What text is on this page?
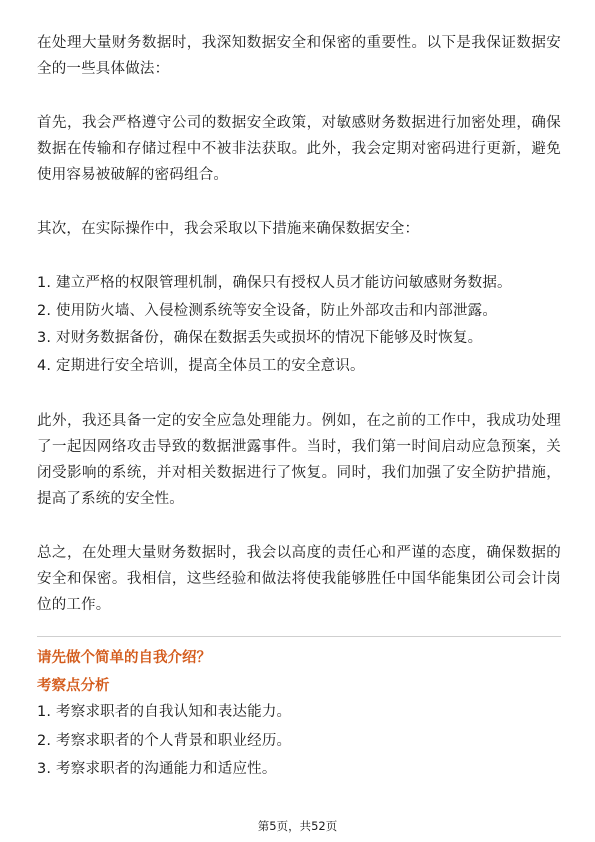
在处理大量财务数据时，我深知数据安全和保密的重要性。以下是我保证数据安全的一些具体做法：

首先，我会严格遵守公司的数据安全政策，对敏感财务数据进行加密处理，确保数据在传输和存储过程中不被非法获取。此外，我会定期对密码进行更新，避免使用容易被破解的密码组合。

其次，在实际操作中，我会采取以下措施来确保数据安全：

1. 建立严格的权限管理机制，确保只有授权人员才能访问敏感财务数据。

2. 使用防火墙、入侵检测系统等安全设备，防止外部攻击和内部泄露。

3. 对财务数据备份，确保在数据丢失或损坏的情况下能够及时恢复。

4. 定期进行安全培训，提高全体员工的安全意识。

此外，我还具备一定的安全应急处理能力。例如，在之前的工作中，我成功处理了一起因网络攻击导致的数据泄露事件。当时，我们第一时间启动应急预案，关闭受影响的系统，并对相关数据进行了恢复。同时，我们加强了安全防护措施，提高了系统的安全性。

总之，在处理大量财务数据时，我会以高度的责任心和严谨的态度，确保数据的安全和保密。我相信，这些经验和做法将使我能够胜任中国华能集团公司会计岗位的工作。

请先做个简单的自我介绍？

考察点分析

1. 考察求职者的自我认知和表达能力。

2. 考察求职者的个人背景和职业经历。

3. 考察求职者的沟通能力和适应性。

第5页，共52页
